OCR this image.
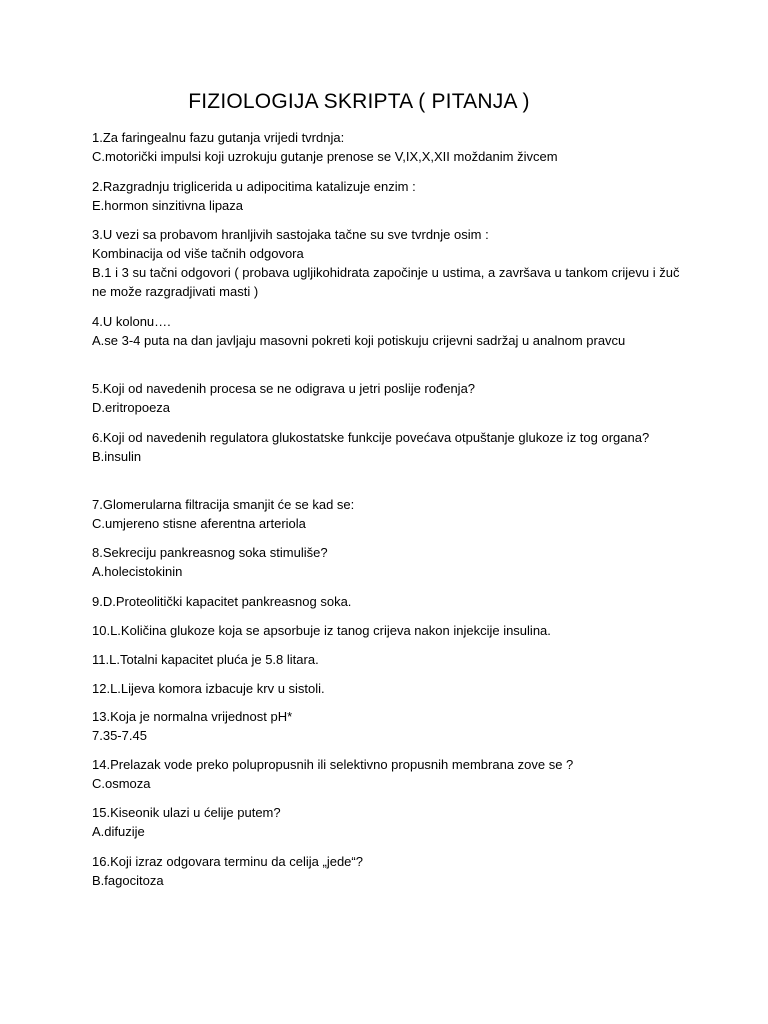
FIZIOLOGIJA SKRIPTA ( PITANJA )

1.Za faringealnu fazu gutanja vrijedi tvrdnja:

C.motorički impulsi koji uzrokuju gutanje prenose se V,IX,X,XII moždanim živcem

2.Razgradnju triglicerida u adipocitima katalizuje enzim :

E.hormon sinzitivna lipaza

3.U vezi sa probavom hranljivih sastojaka tačne su sve tvrdnje osim :

Kombinacija od više tačnih odgovora

B.1 i 3 su tačni odgovori ( probava ugljikohidrata započinje u ustima, a završava u tankom crijevu i žuč ne može razgradjivati masti )

4.U kolonu….

A.se 3-4 puta na dan javljaju masovni pokreti koji potiskuju crijevni sadržaj u analnom pravcu

5.Koji od navedenih procesa se ne odigrava u jetri poslije rođenja?

D.eritropoeza

6.Koji od navedenih regulatora glukostatske funkcije povećava otpuštanje glukoze iz tog organa?

B.insulin

7.Glomerularna filtracija smanjit će se kad se:

C.umjereno stisne aferentna arteriola

8.Sekreciju pankreasnog soka stimuliše?

A.holecistokinin

9.D.Proteolitički kapacitet pankreasnog soka.

10.L.Količina glukoze koja se apsorbuje iz tanog crijeva nakon injekcije insulina.

11.L.Totalni kapacitet pluća je 5.8 litara.

12.L.Lijeva komora izbacuje krv u sistoli.

13.Koja je normalna vrijednost pH*

7.35-7.45

14.Prelazak vode preko polupropusnih ili selektivno propusnih membrana zove se ?

C.osmoza

15.Kiseonik ulazi u ćelije putem?

A.difuzije

16.Koji izraz odgovara terminu da celija „jede“?

B.fagocitoza
